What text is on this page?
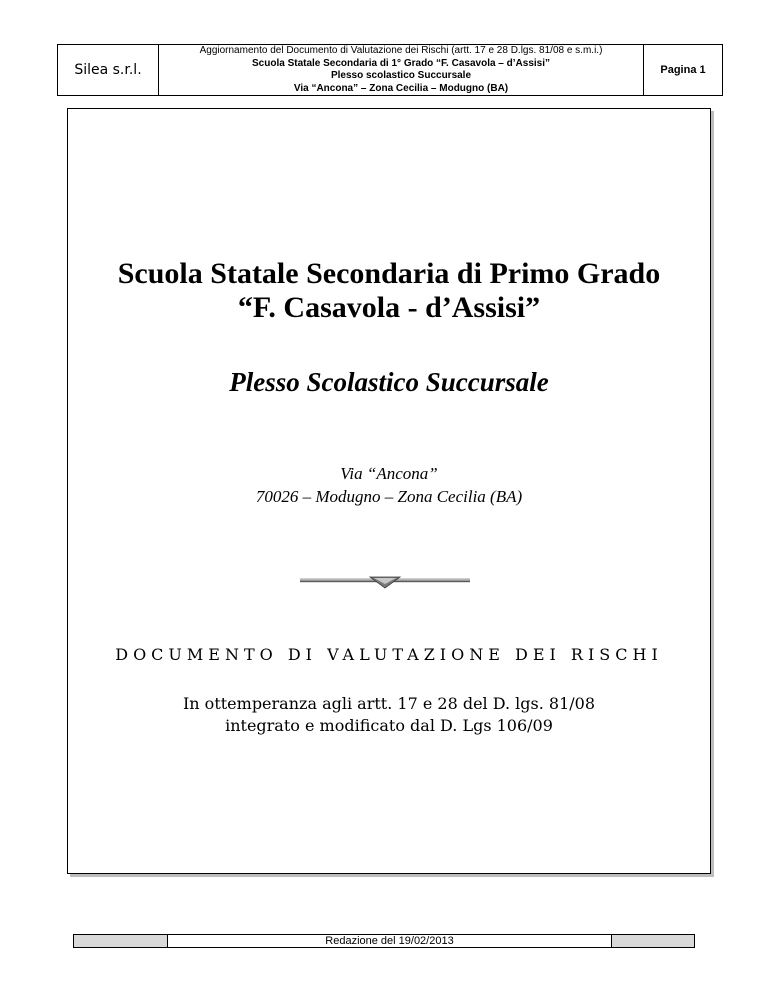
Silea s.r.l.
Aggiornamento del Documento di Valutazione dei Rischi (artt. 17 e 28 D.lgs. 81/08 e s.m.i.)
Scuola Statale Secondaria di 1° Grado “F. Casavola – d’Assisi”
Plesso scolastico Succursale
Via “Ancona” – Zona Cecilia – Modugno (BA)
Pagina 1
Scuola Statale Secondaria di Primo Grado
“F. Casavola - d’Assisi”
Plesso Scolastico Succursale
Via “Ancona”
70026 – Modugno – Zona Cecilia (BA)
DOCUMENTO DI VALUTAZIONE DEI RISCHI
In ottemperanza agli artt. 17 e 28 del D. lgs. 81/08
integrato e modificato dal D. Lgs 106/09
Redazione del 19/02/2013
